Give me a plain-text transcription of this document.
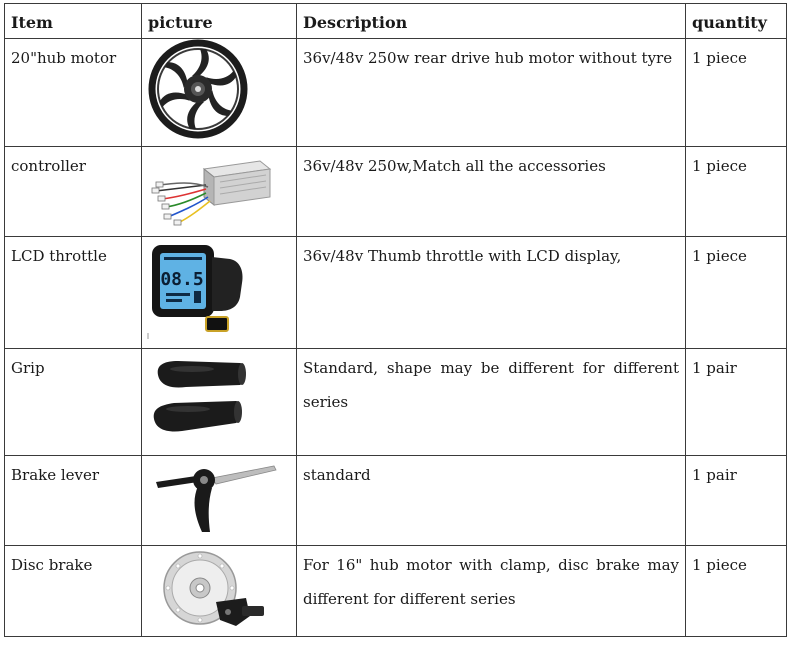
Item	picture	Description	quantity
20"hub motor		36v/48v 250w rear drive hub motor without tyre	1 piece
controller		36v/48v 250w,Match all the accessories	1 piece
LCD throttle	08.5	36v/48v Thumb throttle with LCD display,	1 piece
Grip		Standard, shape may be different for different series	1 pair
Brake lever		standard	1 pair
Disc brake		For 16" hub motor with clamp, disc brake may different for different series	1 piece
